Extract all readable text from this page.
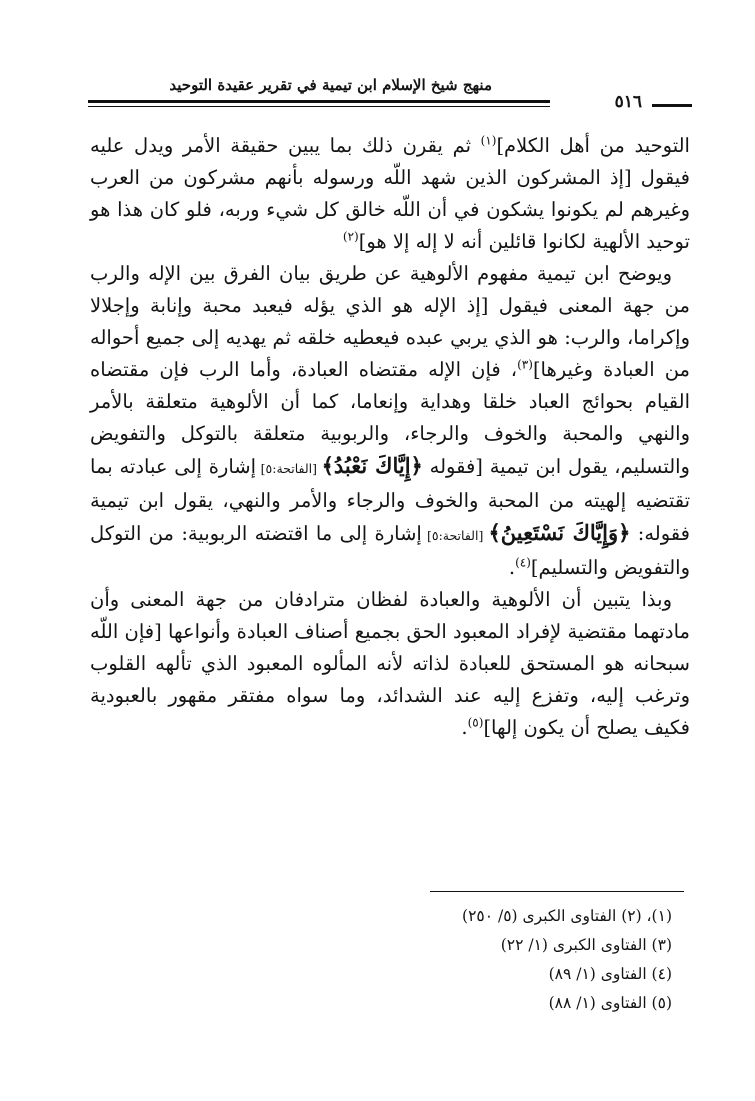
منهج شيخ الإسلام ابن تيمية في تقرير عقيدة التوحيد
٥١٦

التوحيد من أهل الكلام]$^{(١)}$ ثم يقرن ذلك بما يبين حقيقة الأمر ويدل عليه فيقول [إذ المشركون الذين شهد اللّه ورسوله بأنهم مشركون من العرب وغيرهم لم يكونوا يشكون في أن اللّه خالق كل شيء وربه، فلو كان هذا هو توحيد الألهية لكانوا قائلين أنه لا إله إلا هو]$^{(٢)}$

ويوضح ابن تيمية مفهوم الألوهية عن طريق بيان الفرق بين الإله والرب من جهة المعنى فيقول [إذ الإله هو الذي يؤله فيعبد محبة وإنابة وإجلالا وإكراما، والرب: هو الذي يربي عبده فيعطيه خلقه ثم يهديه إلى جميع أحواله من العبادة وغيرها]$^{(٣)}$، فإن الإله مقتضاه العبادة، وأما الرب فإن مقتضاه القيام بحوائج العباد خلقا وهداية وإنعاما، كما أن الألوهية متعلقة بالأمر والنهي والمحبة والخوف والرجاء، والربوبية متعلقة بالتوكل والتفويض والتسليم، يقول ابن تيمية [فقوله ﴿إِيَّاكَ نَعْبُدُ﴾ [الفاتحة:٥] إشارة إلى عبادته بما تقتضيه إلهيته من المحبة والخوف والرجاء والأمر والنهي، يقول ابن تيمية فقوله: ﴿وَإِيَّاكَ نَسْتَعِينُ﴾ [الفاتحة:٥] إشارة إلى ما اقتضته الربوبية: من التوكل والتفويض والتسليم]$^{(٤)}$.

وبذا يتبين أن الألوهية والعبادة لفظان مترادفان من جهة المعنى وأن مادتهما مقتضية لإفراد المعبود الحق بجميع أصناف العبادة وأنواعها [فإن اللّه سبحانه هو المستحق للعبادة لذاته لأنه المألوه المعبود الذي تألهه القلوب وترغب إليه، وتفزع إليه عند الشدائد، وما سواه مفتقر مقهور بالعبودية فكيف يصلح أن يكون إلها]$^{(٥)}$.

(١)، (٢) الفتاوى الكبرى (٥/ ٢٥٠)

(٣) الفتاوى الكبرى (١/ ٢٢)

(٤) الفتاوى (١/ ٨٩)

(٥) الفتاوى (١/ ٨٨)
